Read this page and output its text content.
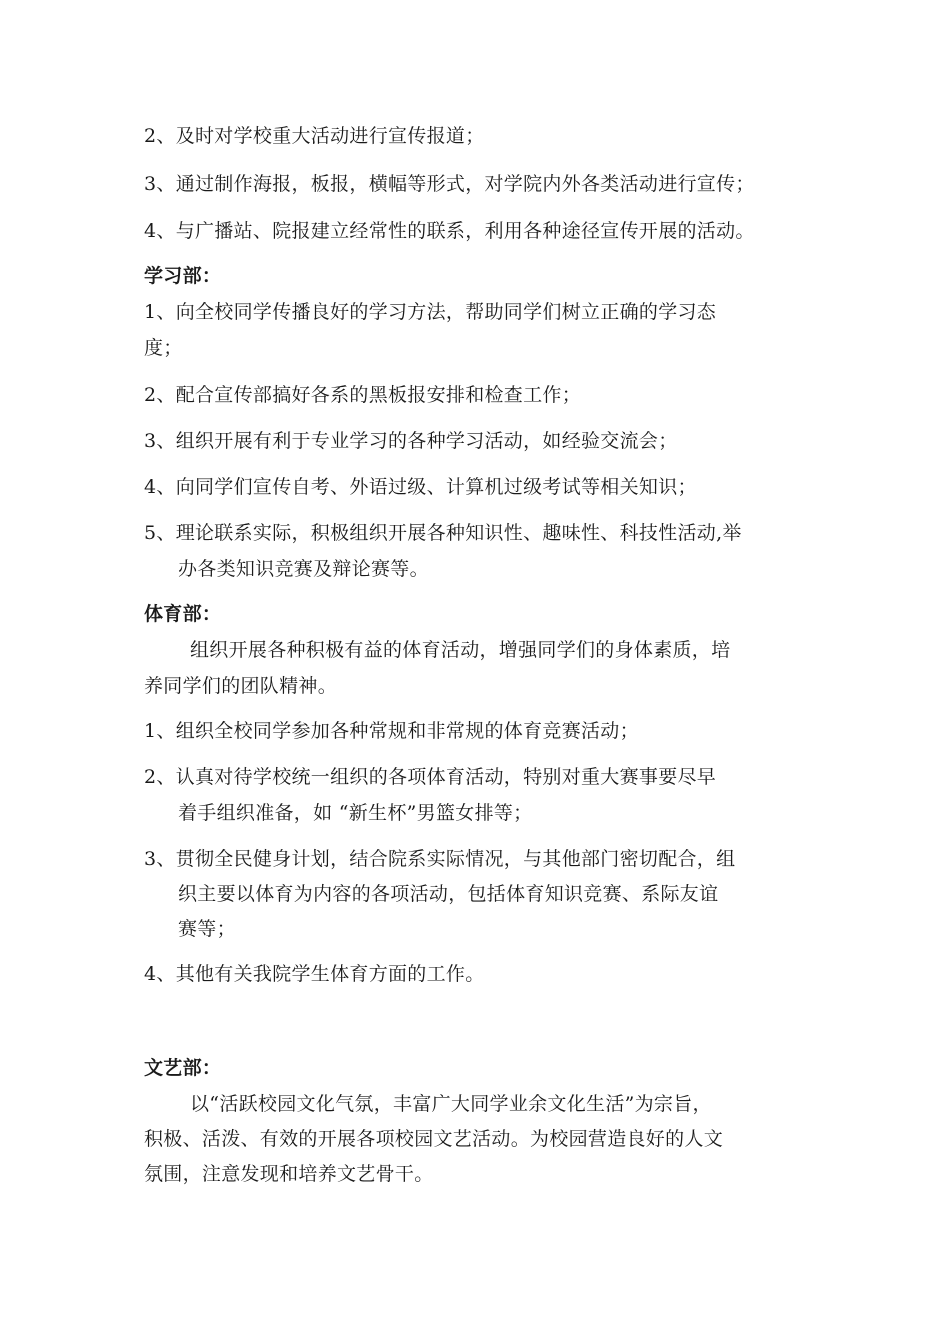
2、及时对学校重大活动进行宣传报道；
3、通过制作海报，板报，横幅等形式，对学院内外各类活动进行宣传；
4、与广播站、院报建立经常性的联系，利用各种途径宣传开展的活动。
学习部：
1、向全校同学传播良好的学习方法，帮助同学们树立正确的学习态
度；
2、配合宣传部搞好各系的黑板报安排和检查工作；
3、组织开展有利于专业学习的各种学习活动，如经验交流会；
4、向同学们宣传自考、外语过级、计算机过级考试等相关知识；
5、理论联系实际，积极组织开展各种知识性、趣味性、科技性活动,举
办各类知识竞赛及辩论赛等。
体育部：
组织开展各种积极有益的体育活动，增强同学们的身体素质，培
养同学们的团队精神。
1、组织全校同学参加各种常规和非常规的体育竞赛活动；
2、认真对待学校统一组织的各项体育活动，特别对重大赛事要尽早
着手组织准备，如 “新生杯”男篮女排等；
3、贯彻全民健身计划，结合院系实际情况，与其他部门密切配合，组
织主要以体育为内容的各项活动，包括体育知识竞赛、系际友谊
赛等；
4、其他有关我院学生体育方面的工作。
文艺部：
以“活跃校园文化气氛，丰富广大同学业余文化生活”为宗旨，
积极、活泼、有效的开展各项校园文艺活动。为校园营造良好的人文
氛围，注意发现和培养文艺骨干。
